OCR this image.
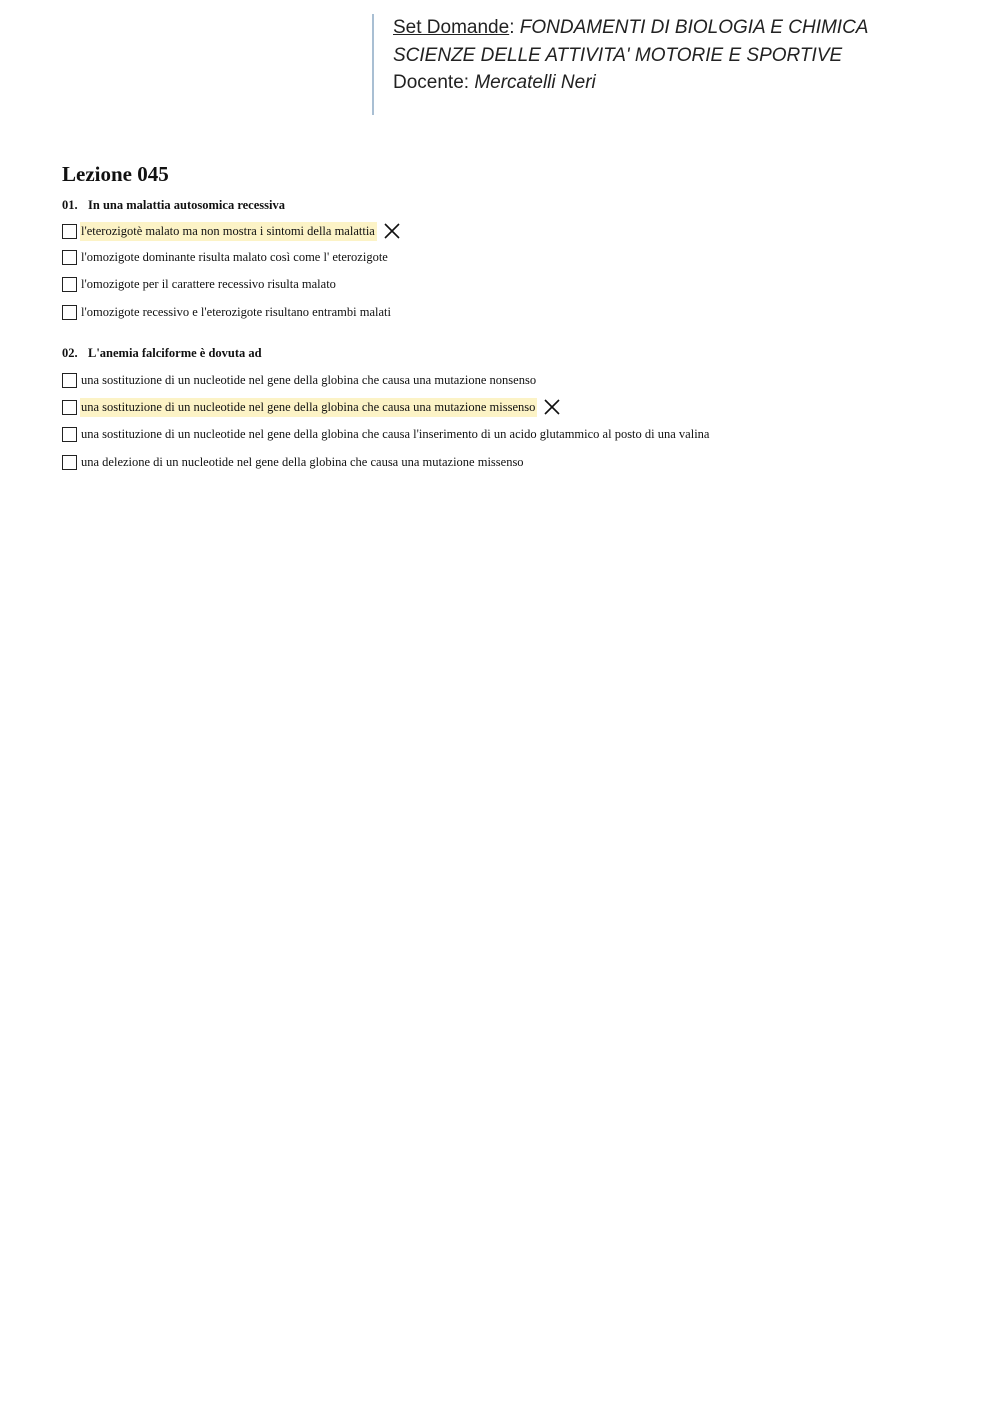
Set Domande: FONDAMENTI DI BIOLOGIA E CHIMICA
SCIENZE DELLE ATTIVITA' MOTORIE E SPORTIVE
Docente: Mercatelli Neri
Lezione 045
01. In una malattia autosomica recessiva
l'eterozigotè malato ma non mostra i sintomi della malattia
l'omozigote dominante risulta malato così come l' eterozigote
l'omozigote per il carattere recessivo risulta malato
l'omozigote recessivo e l'eterozigote risultano entrambi malati
02. L'anemia falciforme è dovuta ad
una sostituzione di un nucleotide nel gene della globina che causa una mutazione nonsenso
una sostituzione di un nucleotide nel gene della globina che causa una mutazione missenso
una sostituzione di un nucleotide nel gene della globina che causa l'inserimento di un acido glutammico al posto di una valina
una delezione di un nucleotide nel gene della globina che causa una mutazione missenso
